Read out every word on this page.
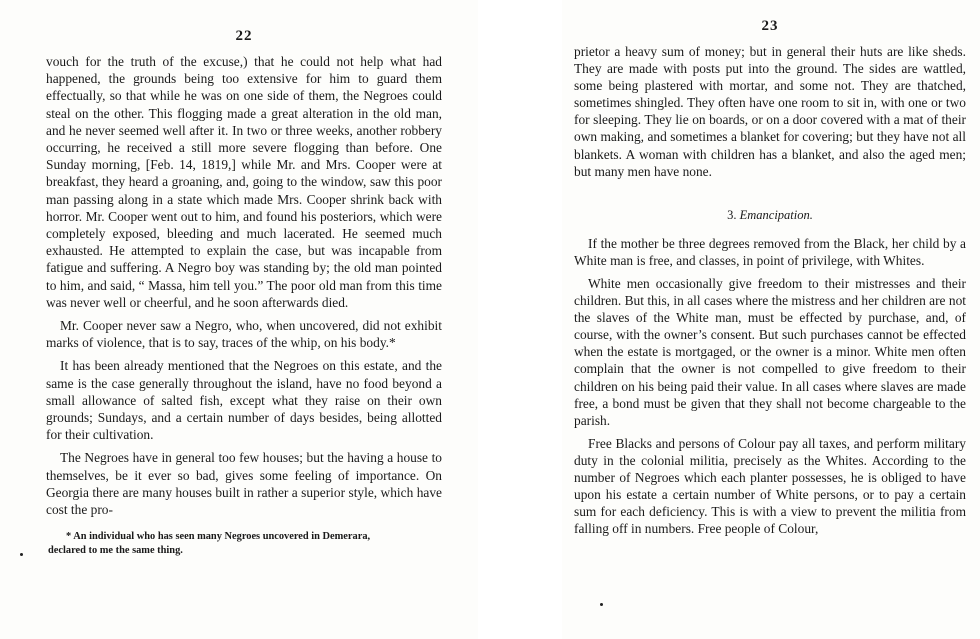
22

vouch for the truth of the excuse,) that he could not help what had happened, the grounds being too extensive for him to guard them effectually, so that while he was on one side of them, the Negroes could steal on the other. This flogging made a great alteration in the old man, and he never seemed well after it. In two or three weeks, another robbery occurring, he received a still more severe flogging than before. One Sunday morning, [Feb. 14, 1819,] while Mr. and Mrs. Cooper were at breakfast, they heard a groaning, and, going to the window, saw this poor man passing along in a state which made Mrs. Cooper shrink back with horror. Mr. Cooper went out to him, and found his posteriors, which were completely exposed, bleeding and much lacerated. He seemed much exhausted. He attempted to explain the case, but was incapable from fatigue and suffering. A Negro boy was standing by; the old man pointed to him, and said, “ Massa, him tell you.” The poor old man from this time was never well or cheerful, and he soon afterwards died.

Mr. Cooper never saw a Negro, who, when uncovered, did not exhibit marks of violence, that is to say, traces of the whip, on his body.*

It has been already mentioned that the Negroes on this estate, and the same is the case generally throughout the island, have no food beyond a small allowance of salted fish, except what they raise on their own grounds; Sundays, and a certain number of days besides, being allotted for their cultivation.

The Negroes have in general too few houses; but the having a house to themselves, be it ever so bad, gives some feeling of importance. On Georgia there are many houses built in rather a superior style, which have cost the pro-

* An individual who has seen many Negroes uncovered in Demerara,
declared to me the same thing.
23

prietor a heavy sum of money; but in general their huts are like sheds. They are made with posts put into the ground. The sides are wattled, some being plastered with mortar, and some not. They are thatched, sometimes shingled. They often have one room to sit in, with one or two for sleeping. They lie on boards, or on a door covered with a mat of their own making, and sometimes a blanket for covering; but they have not all blankets. A woman with children has a blanket, and also the aged men; but many men have none.

3. Emancipation.

If the mother be three degrees removed from the Black, her child by a White man is free, and classes, in point of privilege, with Whites.

White men occasionally give freedom to their mistresses and their children. But this, in all cases where the mistress and her children are not the slaves of the White man, must be effected by purchase, and, of course, with the owner’s consent. But such purchases cannot be effected when the estate is mortgaged, or the owner is a minor. White men often complain that the owner is not compelled to give freedom to their children on his being paid their value. In all cases where slaves are made free, a bond must be given that they shall not become chargeable to the parish.

Free Blacks and persons of Colour pay all taxes, and perform military duty in the colonial militia, precisely as the Whites. According to the number of Negroes which each planter possesses, he is obliged to have upon his estate a certain number of White persons, or to pay a certain sum for each deficiency. This is with a view to prevent the militia from falling off in numbers. Free people of Colour,
